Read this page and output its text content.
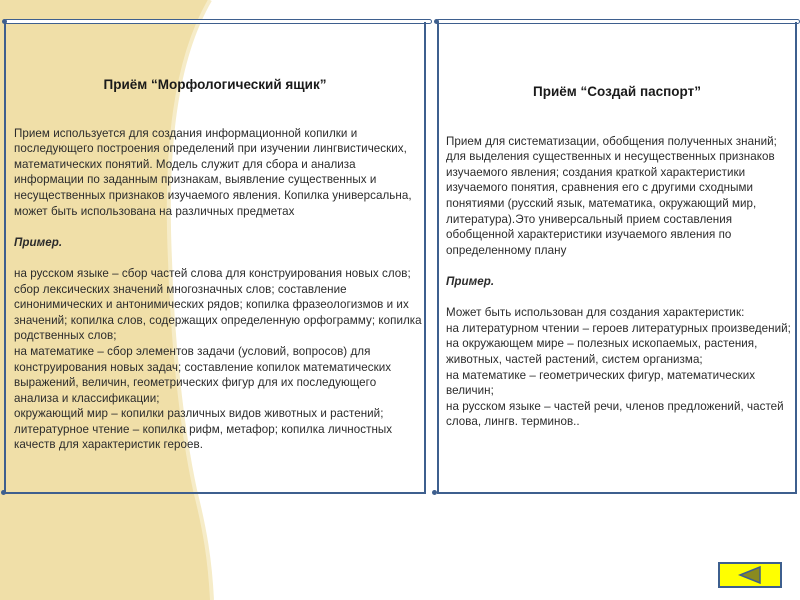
Приём “Морфологический ящик”

Прием используется для создания информационной копилки и последующего построения определений при изучении лингвистических, математических понятий. Модель служит для сбора и анализа информации по заданным признакам, выявление существенных и несущественных признаков изучаемого явления. Копилка универсальна, может быть использована на различных предметах

Пример.

на русском языке – сбор частей слова для конструирования новых слов; сбор лексических значений многозначных слов; составление синонимических и антонимических рядов; копилка фразеологизмов и их значений; копилка слов, содержащих определенную орфограмму; копилка родственных слов;
на математике – сбор элементов задачи (условий, вопросов) для конструирования новых задач; составление копилок математических выражений, величин, геометрических фигур для их последующего анализа и классификации;
окружающий мир – копилки различных видов животных и растений;
литературное чтение – копилка рифм, метафор; копилка личностных качеств для характеристик героев.

Приём “Создай паспорт”

Прием для систематизации, обобщения полученных знаний; для выделения существенных и несущественных признаков изучаемого явления; создания краткой характеристики изучаемого понятия, сравнения его с другими сходными понятиями (русский язык, математика, окружающий мир, литература).Это универсальный прием составления обобщенной характеристики изучаемого явления по определенному плану

Пример.

Может быть использован для создания характеристик:
на литературном чтении – героев литературных произведений;
на окружающем мире – полезных ископаемых, растения, животных, частей растений, систем организма;
на математике – геометрических фигур, математических величин;
на русском языке – частей речи, членов предложений, частей слова, лингв. терминов..
